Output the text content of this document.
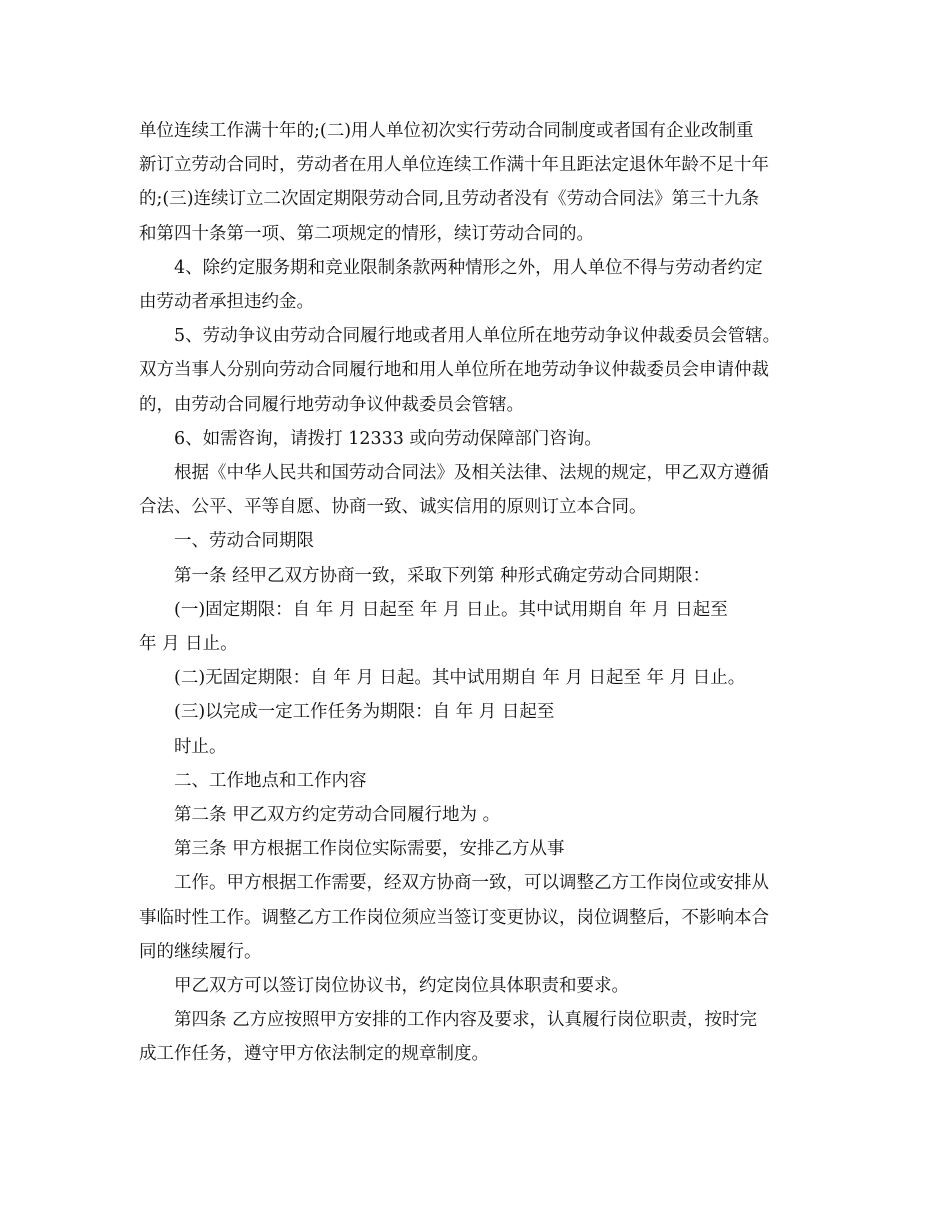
单位连续工作满十年的;(二)用人单位初次实行劳动合同制度或者国有企业改制重

新订立劳动合同时，劳动者在用人单位连续工作满十年且距法定退休年龄不足十年

的;(三)连续订立二次固定期限劳动合同,且劳动者没有《劳动合同法》第三十九条

和第四十条第一项、第二项规定的情形，续订劳动合同的。

4、除约定服务期和竞业限制条款两种情形之外，用人单位不得与劳动者约定

由劳动者承担违约金。

5、劳动争议由劳动合同履行地或者用人单位所在地劳动争议仲裁委员会管辖。

双方当事人分别向劳动合同履行地和用人单位所在地劳动争议仲裁委员会申请仲裁

的，由劳动合同履行地劳动争议仲裁委员会管辖。

6、如需咨询，请拨打 12333 或向劳动保障部门咨询。

根据《中华人民共和国劳动合同法》及相关法律、法规的规定，甲乙双方遵循

合法、公平、平等自愿、协商一致、诚实信用的原则订立本合同。

一、劳动合同期限

第一条 经甲乙双方协商一致，采取下列第 种形式确定劳动合同期限：

(一)固定期限：自 年 月 日起至 年 月 日止。其中试用期自 年 月 日起至

年 月 日止。

(二)无固定期限：自 年 月 日起。其中试用期自 年 月 日起至 年 月 日止。

(三)以完成一定工作任务为期限：自 年 月 日起至

时止。

二、工作地点和工作内容

第二条 甲乙双方约定劳动合同履行地为 。

第三条 甲方根据工作岗位实际需要，安排乙方从事

工作。甲方根据工作需要，经双方协商一致，可以调整乙方工作岗位或安排从

事临时性工作。调整乙方工作岗位须应当签订变更协议，岗位调整后，不影响本合

同的继续履行。

甲乙双方可以签订岗位协议书，约定岗位具体职责和要求。

第四条 乙方应按照甲方安排的工作内容及要求，认真履行岗位职责，按时完

成工作任务，遵守甲方依法制定的规章制度。
